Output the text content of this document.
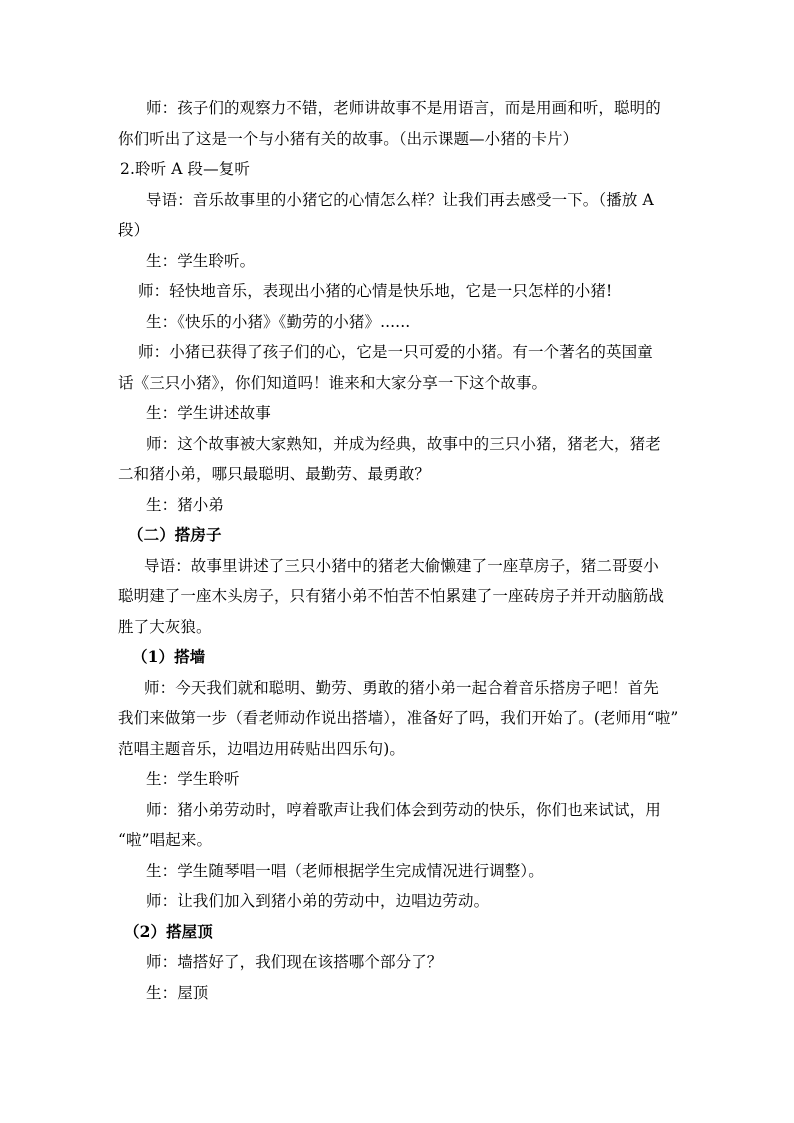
师：孩子们的观察力不错，老师讲故事不是用语言，而是用画和听，聪明的
你们听出了这是一个与小猪有关的故事。（出示课题—小猪的卡片）
2.聆听 A 段—复听
导语：音乐故事里的小猪它的心情怎么样？让我们再去感受一下。（播放 A
段）
生：学生聆听。
师：轻快地音乐，表现出小猪的心情是快乐地，它是一只怎样的小猪!
生：《快乐的小猪》《勤劳的小猪》......
师：小猪已获得了孩子们的心，它是一只可爱的小猪。有一个著名的英国童
话《三只小猪》，你们知道吗！谁来和大家分享一下这个故事。
生：学生讲述故事
师：这个故事被大家熟知，并成为经典，故事中的三只小猪，猪老大，猪老
二和猪小弟，哪只最聪明、最勤劳、最勇敢？
生：猪小弟
（二）搭房子
导语：故事里讲述了三只小猪中的猪老大偷懒建了一座草房子，猪二哥耍小
聪明建了一座木头房子，只有猪小弟不怕苦不怕累建了一座砖房子并开动脑筋战
胜了大灰狼。
（1）搭墙
师：今天我们就和聪明、勤劳、勇敢的猪小弟一起合着音乐搭房子吧！首先
我们来做第一步（看老师动作说出搭墙），准备好了吗，我们开始了。(老师用“啦”
范唱主题音乐，边唱边用砖贴出四乐句)。
生：学生聆听
师：猪小弟劳动时，哼着歌声让我们体会到劳动的快乐，你们也来试试，用
“啦”唱起来。
生：学生随琴唱一唱（老师根据学生完成情况进行调整）。
师：让我们加入到猪小弟的劳动中，边唱边劳动。
（2）搭屋顶
师：墙搭好了，我们现在该搭哪个部分了？
生：屋顶
